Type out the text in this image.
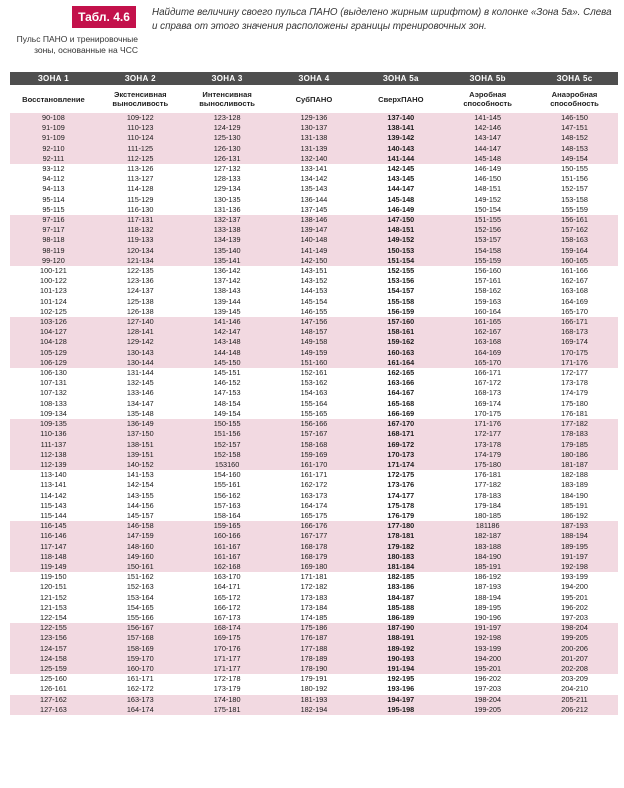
Табл. 4.6
Пульс ПАНО и тренировочные зоны, основанные на ЧСС
Найдите величину своего пульса ПАНО (выделено жирным шрифтом) в колонке «Зона 5а». Слева и справа от этого значения расположены границы тренировочных зон.
ЗОНА 1	ЗОНА 2	ЗОНА 3	ЗОНА 4	ЗОНА 5а	ЗОНА 5b	ЗОНА 5с
Восстановление	Экстенсивная выносливость	Интенсивная выносливость	СубПАНО	СверхПАНО	Аэробная способность	Анаэробная способность
90-108	109-122	123-128	129-136	137-140	141-145	146-150
91-109	110-123	124-129	130-137	138-141	142-146	147-151
91-109	110-124	125-130	131-138	139-142	143-147	148-152
92-110	111-125	126-130	131-139	140-143	144-147	148-153
92-111	112-125	126-131	132-140	141-144	145-148	149-154
93-112	113-126	127-132	133-141	142-145	146-149	150-155
94-112	113-127	128-133	134-142	143-145	146-150	151-156
94-113	114-128	129-134	135-143	144-147	148-151	152-157
95-114	115-129	130-135	136-144	145-148	149-152	153-158
95-115	116-130	131-136	137-145	146-149	150-154	155-159
97-116	117-131	132-137	138-146	147-150	151-155	156-161
97-117	118-132	133-138	139-147	148-151	152-156	157-162
98-118	119-133	134-139	140-148	149-152	153-157	158-163
98-119	120-134	135-140	141-149	150-153	154-158	159-164
99-120	121-134	135-141	142-150	151-154	155-159	160-165
100-121	122-135	136-142	143-151	152-155	156-160	161-166
100-122	123-136	137-142	143-152	153-156	157-161	162-167
101-123	124-137	138-143	144-153	154-157	158-162	163-168
101-124	125-138	139-144	145-154	155-158	159-163	164-169
102-125	126-138	139-145	146-155	156-159	160-164	165-170
103-126	127-140	141-146	147-156	157-160	161-165	166-171
104-127	128-141	142-147	148-157	158-161	162-167	168-173
104-128	129-142	143-148	149-158	159-162	163-168	169-174
105-129	130-143	144-148	149-159	160-163	164-169	170-175
106-129	130-144	145-150	151-160	161-164	165-170	171-176
106-130	131-144	145-151	152-161	162-165	166-171	172-177
107-131	132-145	146-152	153-162	163-166	167-172	173-178
107-132	133-146	147-153	154-163	164-167	168-173	174-179
108-133	134-147	148-154	155-164	165-168	169-174	175-180
109-134	135-148	149-154	155-165	166-169	170-175	176-181
109-135	136-149	150-155	156-166	167-170	171-176	177-182
110-136	137-150	151-156	157-167	168-171	172-177	178-183
111-137	138-151	152-157	158-168	169-172	173-178	179-185
112-138	139-151	152-158	159-169	170-173	174-179	180-186
112-139	140-152	153160	161-170	171-174	175-180	181-187
113-140	141-153	154-160	161-171	172-175	176-181	182-188
113-141	142-154	155-161	162-172	173-176	177-182	183-189
114-142	143-155	156-162	163-173	174-177	178-183	184-190
115-143	144-156	157-163	164-174	175-178	179-184	185-191
115-144	145-157	158-164	165-175	176-179	180-185	186-192
116-145	146-158	159-165	166-176	177-180	181186	187-193
116-146	147-159	160-166	167-177	178-181	182-187	188-194
117-147	148-160	161-167	168-178	179-182	183-188	189-195
118-148	149-160	161-167	168-179	180-183	184-190	191-197
119-149	150-161	162-168	169-180	181-184	185-191	192-198
119-150	151-162	163-170	171-181	182-185	186-192	193-199
120-151	152-163	164-171	172-182	183-186	187-193	194-200
121-152	153-164	165-172	173-183	184-187	188-194	195-201
121-153	154-165	166-172	173-184	185-188	189-195	196-202
122-154	155-166	167-173	174-185	186-189	190-196	197-203
122-155	156-167	168-174	175-186	187-190	191-197	198-204
123-156	157-168	169-175	176-187	188-191	192-198	199-205
124-157	158-169	170-176	177-188	189-192	193-199	200-206
124-158	159-170	171-177	178-189	190-193	194-200	201-207
125-159	160-170	171-177	178-190	191-194	195-201	202-208
125-160	161-171	172-178	179-191	192-195	196-202	203-209
126-161	162-172	173-179	180-192	193-196	197-203	204-210
127-162	163-173	174-180	181-193	194-197	198-204	205-211
127-163	164-174	175-181	182-194	195-198	199-205	206-212
